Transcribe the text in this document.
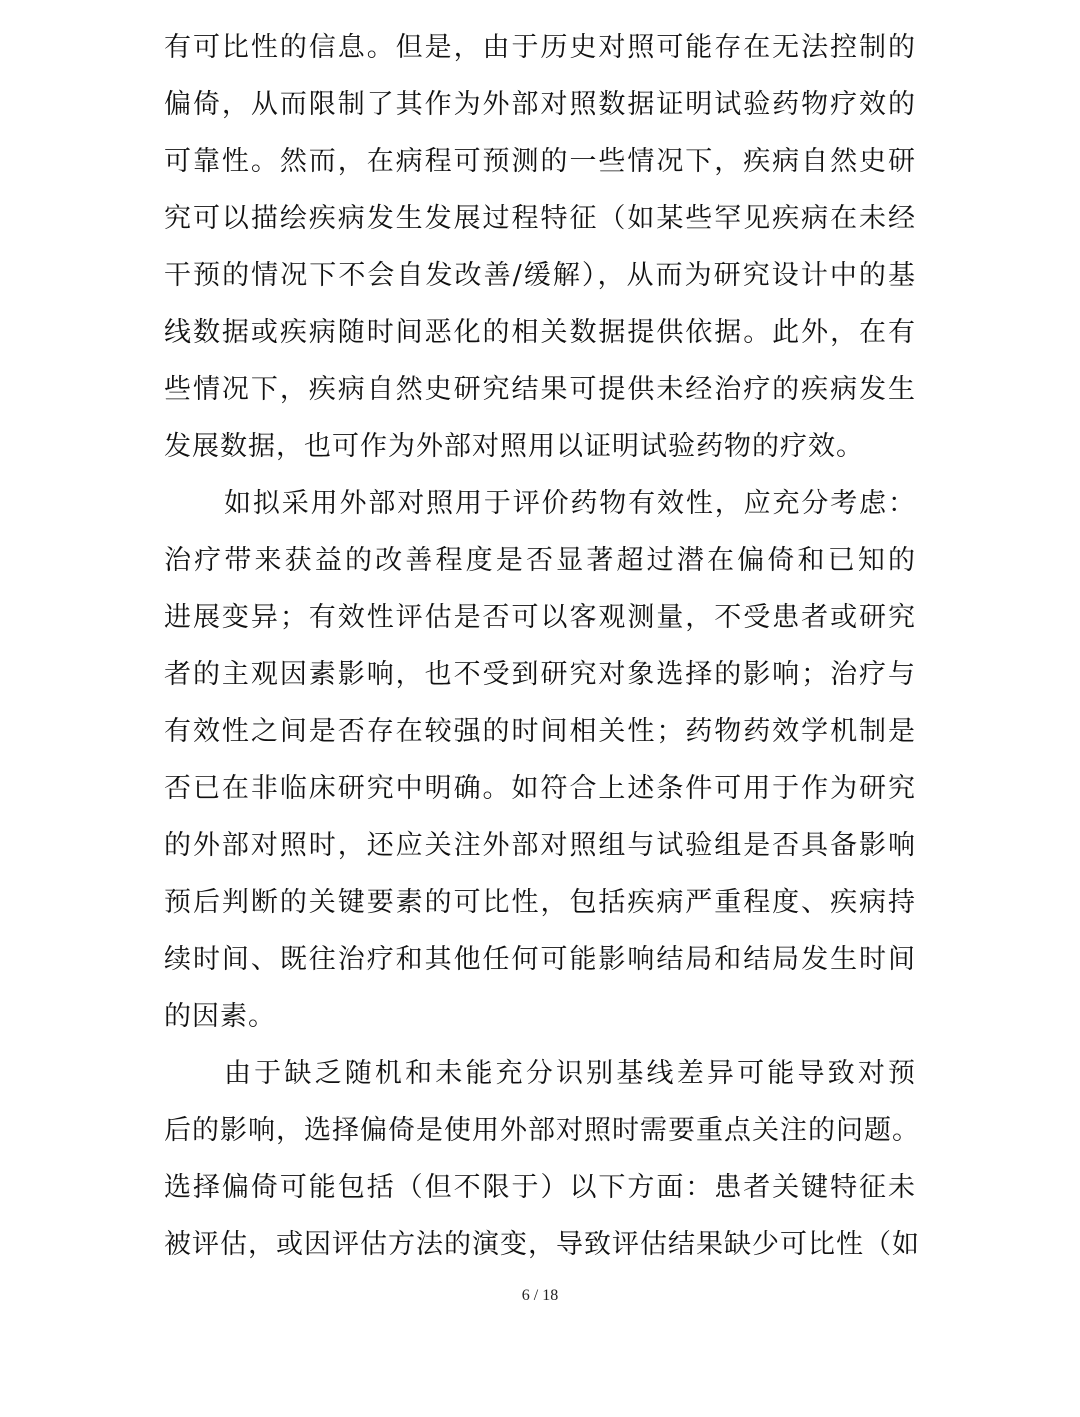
有可比性的信息。但是，由于历史对照可能存在无法控制的
偏倚，从而限制了其作为外部对照数据证明试验药物疗效的
可靠性。然而，在病程可预测的一些情况下，疾病自然史研
究可以描绘疾病发生发展过程特征（如某些罕见疾病在未经
干预的情况下不会自发改善/缓解），从而为研究设计中的基
线数据或疾病随时间恶化的相关数据提供依据。此外，在有
些情况下，疾病自然史研究结果可提供未经治疗的疾病发生
发展数据，也可作为外部对照用以证明试验药物的疗效。
如拟采用外部对照用于评价药物有效性，应充分考虑：
治疗带来获益的改善程度是否显著超过潜在偏倚和已知的
进展变异；有效性评估是否可以客观测量，不受患者或研究
者的主观因素影响，也不受到研究对象选择的影响；治疗与
有效性之间是否存在较强的时间相关性；药物药效学机制是
否已在非临床研究中明确。如符合上述条件可用于作为研究
的外部对照时，还应关注外部对照组与试验组是否具备影响
预后判断的关键要素的可比性，包括疾病严重程度、疾病持
续时间、既往治疗和其他任何可能影响结局和结局发生时间
的因素。
由于缺乏随机和未能充分识别基线差异可能导致对预
后的影响，选择偏倚是使用外部对照时需要重点关注的问题。
选择偏倚可能包括（但不限于）以下方面：患者关键特征未
被评估，或因评估方法的演变，导致评估结果缺少可比性（如
6 / 18
